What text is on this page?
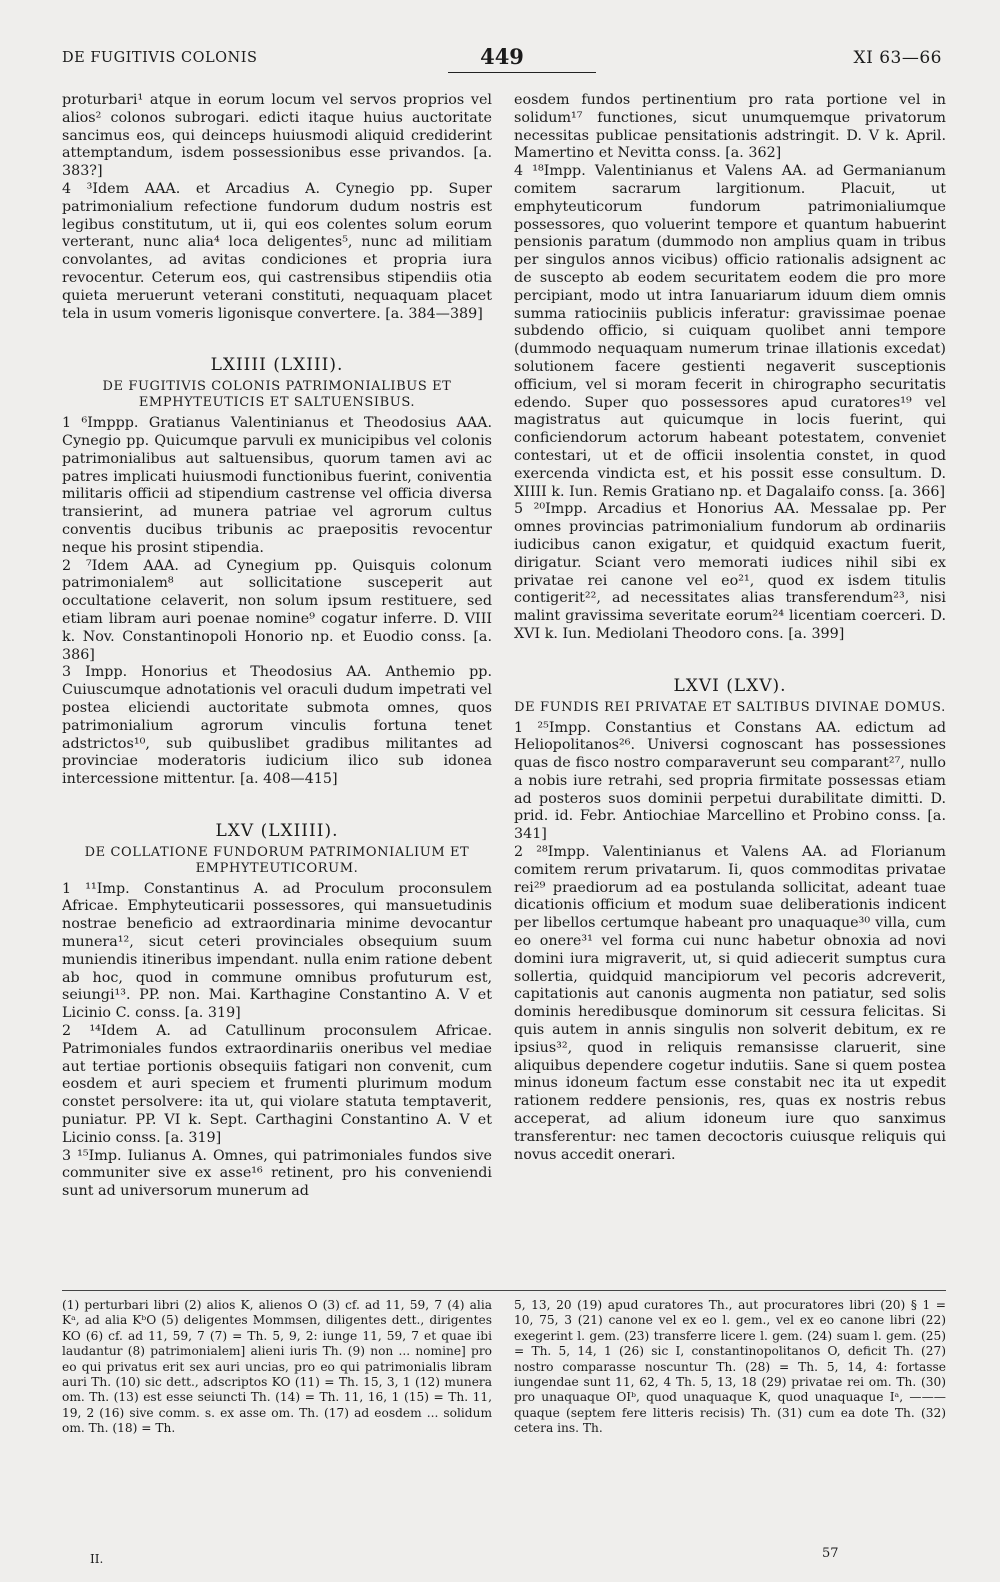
DE FUGITIVIS COLONIS	449	XI 63—66

proturbari¹ atque in eorum locum vel servos proprios vel alios² colonos subrogari. edicti itaque huius auctoritate sancimus eos, qui deinceps huiusmodi aliquid crediderint attemptandum, isdem possessionibus esse privandos. [a. 383?]

4 ³Idem AAA. et Arcadius A. Cynegio pp. Super patrimonialium refectione fundorum dudum nostris est legibus constitutum, ut ii, qui eos colentes solum eorum verterant, nunc alia⁴ loca deligentes⁵, nunc ad militiam convolantes, ad avitas condiciones et propria iura revocentur. Ceterum eos, qui castrensibus stipendiis otia quieta meruerunt veterani constituti, nequaquam placet tela in usum vomeris ligonisque convertere. [a. 384—389]

LXIIII (LXIII).
DE FUGITIVIS COLONIS PATRIMONIALIBUS ET EMPHYTEUTICIS ET SALTUENSIBUS.

1 ⁶Imppp. Gratianus Valentinianus et Theodosius AAA. Cynegio pp. Quicumque parvuli ex municipibus vel colonis patrimonialibus aut saltuensibus, quorum tamen avi ac patres implicati huiusmodi functionibus fuerint, coniventia militaris officii ad stipendium castrense vel officia diversa transierint, ad munera patriae vel agrorum cultus conventis ducibus tribunis ac praepositis revocentur neque his prosint stipendia.

2 ⁷Idem AAA. ad Cynegium pp. Quisquis colonum patrimonialem⁸ aut sollicitatione susceperit aut occultatione celaverit, non solum ipsum restituere, sed etiam libram auri poenae nomine⁹ cogatur inferre. D. VIII k. Nov. Constantinopoli Honorio np. et Euodio conss. [a. 386]

3 Impp. Honorius et Theodosius AA. Anthemio pp. Cuiuscumque adnotationis vel oraculi dudum impetrati vel postea eliciendi auctoritate submota omnes, quos patrimonialium agrorum vinculis fortuna tenet adstrictos¹⁰, sub quibuslibet gradibus militantes ad provinciae moderatoris iudicium ilico sub idonea intercessione mittentur. [a. 408—415]

LXV (LXIIII).
DE COLLATIONE FUNDORUM PATRIMONIALIUM ET EMPHYTEUTICORUM.

1 ¹¹Imp. Constantinus A. ad Proculum proconsulem Africae. Emphyteuticarii possessores, qui mansuetudinis nostrae beneficio ad extraordinaria minime devocantur munera¹², sicut ceteri provinciales obsequium suum muniendis itineribus impendant. nulla enim ratione debent ab hoc, quod in commune omnibus profuturum est, seiungi¹³. PP. non. Mai. Karthagine Constantino A. V et Licinio C. conss. [a. 319]

2 ¹⁴Idem A. ad Catullinum proconsulem Africae. Patrimoniales fundos extraordinariis oneribus vel mediae aut tertiae portionis obsequiis fatigari non convenit, cum eosdem et auri speciem et frumenti plurimum modum constet persolvere: ita ut, qui violare statuta temptaverit, puniatur. PP. VI k. Sept. Carthagini Constantino A. V et Licinio conss. [a. 319]

3 ¹⁵Imp. Iulianus A. Omnes, qui patrimoniales fundos sive communiter sive ex asse¹⁶ retinent, pro his conveniendi sunt ad universorum munerum ad

eosdem fundos pertinentium pro rata portione vel in solidum¹⁷ functiones, sicut unumquemque privatorum necessitas publicae pensitationis adstringit. D. V k. April. Mamertino et Nevitta conss. [a. 362]

4 ¹⁸Impp. Valentinianus et Valens AA. ad Germanianum comitem sacrarum largitionum. Placuit, ut emphyteuticorum fundorum patrimonialiumque possessores, quo voluerint tempore et quantum habuerint pensionis paratum (dummodo non amplius quam in tribus per singulos annos vicibus) officio rationalis adsignent ac de suscepto ab eodem securitatem eodem die pro more percipiant, modo ut intra Ianuariarum iduum diem omnis summa ratiociniis publicis inferatur: gravissimae poenae subdendo officio, si cuiquam quolibet anni tempore (dummodo nequaquam numerum trinae illationis excedat) solutionem facere gestienti negaverit susceptionis officium, vel si moram fecerit in chirographo securitatis edendo. Super quo possessores apud curatores¹⁹ vel magistratus aut quicumque in locis fuerint, qui conficiendorum actorum habeant potestatem, conveniet contestari, ut et de officii insolentia constet, in quod exercenda vindicta est, et his possit esse consultum. D. XIIII k. Iun. Remis Gratiano np. et Dagalaifo conss. [a. 366]

5 ²⁰Impp. Arcadius et Honorius AA. Messalae pp. Per omnes provincias patrimonialium fundorum ab ordinariis iudicibus canon exigatur, et quidquid exactum fuerit, dirigatur. Sciant vero memorati iudices nihil sibi ex privatae rei canone vel eo²¹, quod ex isdem titulis contigerit²², ad necessitates alias transferendum²³, nisi malint gravissima severitate eorum²⁴ licentiam coerceri. D. XVI k. Iun. Mediolani Theodoro cons. [a. 399]

LXVI (LXV).
DE FUNDIS REI PRIVATAE ET SALTIBUS DIVINAE DOMUS.

1 ²⁵Impp. Constantius et Constans AA. edictum ad Heliopolitanos²⁶. Universi cognoscant has possessiones quas de fisco nostro comparaverunt seu comparant²⁷, nullo a nobis iure retrahi, sed propria firmitate possessas etiam ad posteros suos dominii perpetui durabilitate dimitti. D. prid. id. Febr. Antiochiae Marcellino et Probino conss. [a. 341]

2 ²⁸Impp. Valentinianus et Valens AA. ad Florianum comitem rerum privatarum. Ii, quos commoditas privatae rei²⁹ praediorum ad ea postulanda sollicitat, adeant tuae dicationis officium et modum suae deliberationis indicent per libellos certumque habeant pro unaquaque³⁰ villa, cum eo onere³¹ vel forma cui nunc habetur obnoxia ad novi domini iura migraverit, ut, si quid adiecerit sumptus cura sollertia, quidquid mancipiorum vel pecoris adcreverit, capitationis aut canonis augmenta non patiatur, sed solis dominis heredibusque dominorum sit cessura felicitas. Si quis autem in annis singulis non solverit debitum, ex re ipsius³², quod in reliquis remansisse claruerit, sine aliquibus dependere cogetur indutiis. Sane si quem postea minus idoneum factum esse constabit nec ita ut expedit rationem reddere pensionis, res, quas ex nostris rebus acceperat, ad alium idoneum iure quo sanximus transferentur: nec tamen decoctoris cuiusque reliquis qui novus accedit onerari.

(1) perturbari libri (2) alios K, alienos O (3) cf. ad 11, 59, 7 (4) alia Kᵃ, ad alia KᵇO (5) deligentes Mommsen, diligentes dett., dirigentes KO (6) cf. ad 11, 59, 7 (7) = Th. 5, 9, 2: iunge 11, 59, 7 et quae ibi laudantur (8) patrimonialem] alieni iuris Th. (9) non ... nomine] pro eo qui privatus erit sex auri uncias, pro eo qui patrimonialis libram auri Th. (10) sic dett., adscriptos KO (11) = Th. 15, 3, 1 (12) munera om. Th. (13) est esse seiuncti Th. (14) = Th. 11, 16, 1 (15) = Th. 11, 19, 2 (16) sive comm. s. ex asse om. Th. (17) ad eosdem ... solidum om. Th. (18) = Th.

5, 13, 20 (19) apud curatores Th., aut procuratores libri (20) § 1 = 10, 75, 3 (21) canone vel ex eo l. gem., vel ex eo canone libri (22) exegerint l. gem. (23) transferre licere l. gem. (24) suam l. gem. (25) = Th. 5, 14, 1 (26) sic I, constantinopolitanos O, deficit Th. (27) nostro comparasse noscuntur Th. (28) = Th. 5, 14, 4: fortasse iungendae sunt 11, 62, 4 Th. 5, 13, 18 (29) privatae rei om. Th. (30) pro unaquaque OIᵇ, quod unaquaque K, quod unaquaque Iᵃ, ——— quaque (septem fere litteris recisis) Th. (31) cum ea dote Th. (32) cetera ins. Th.

II.	57
